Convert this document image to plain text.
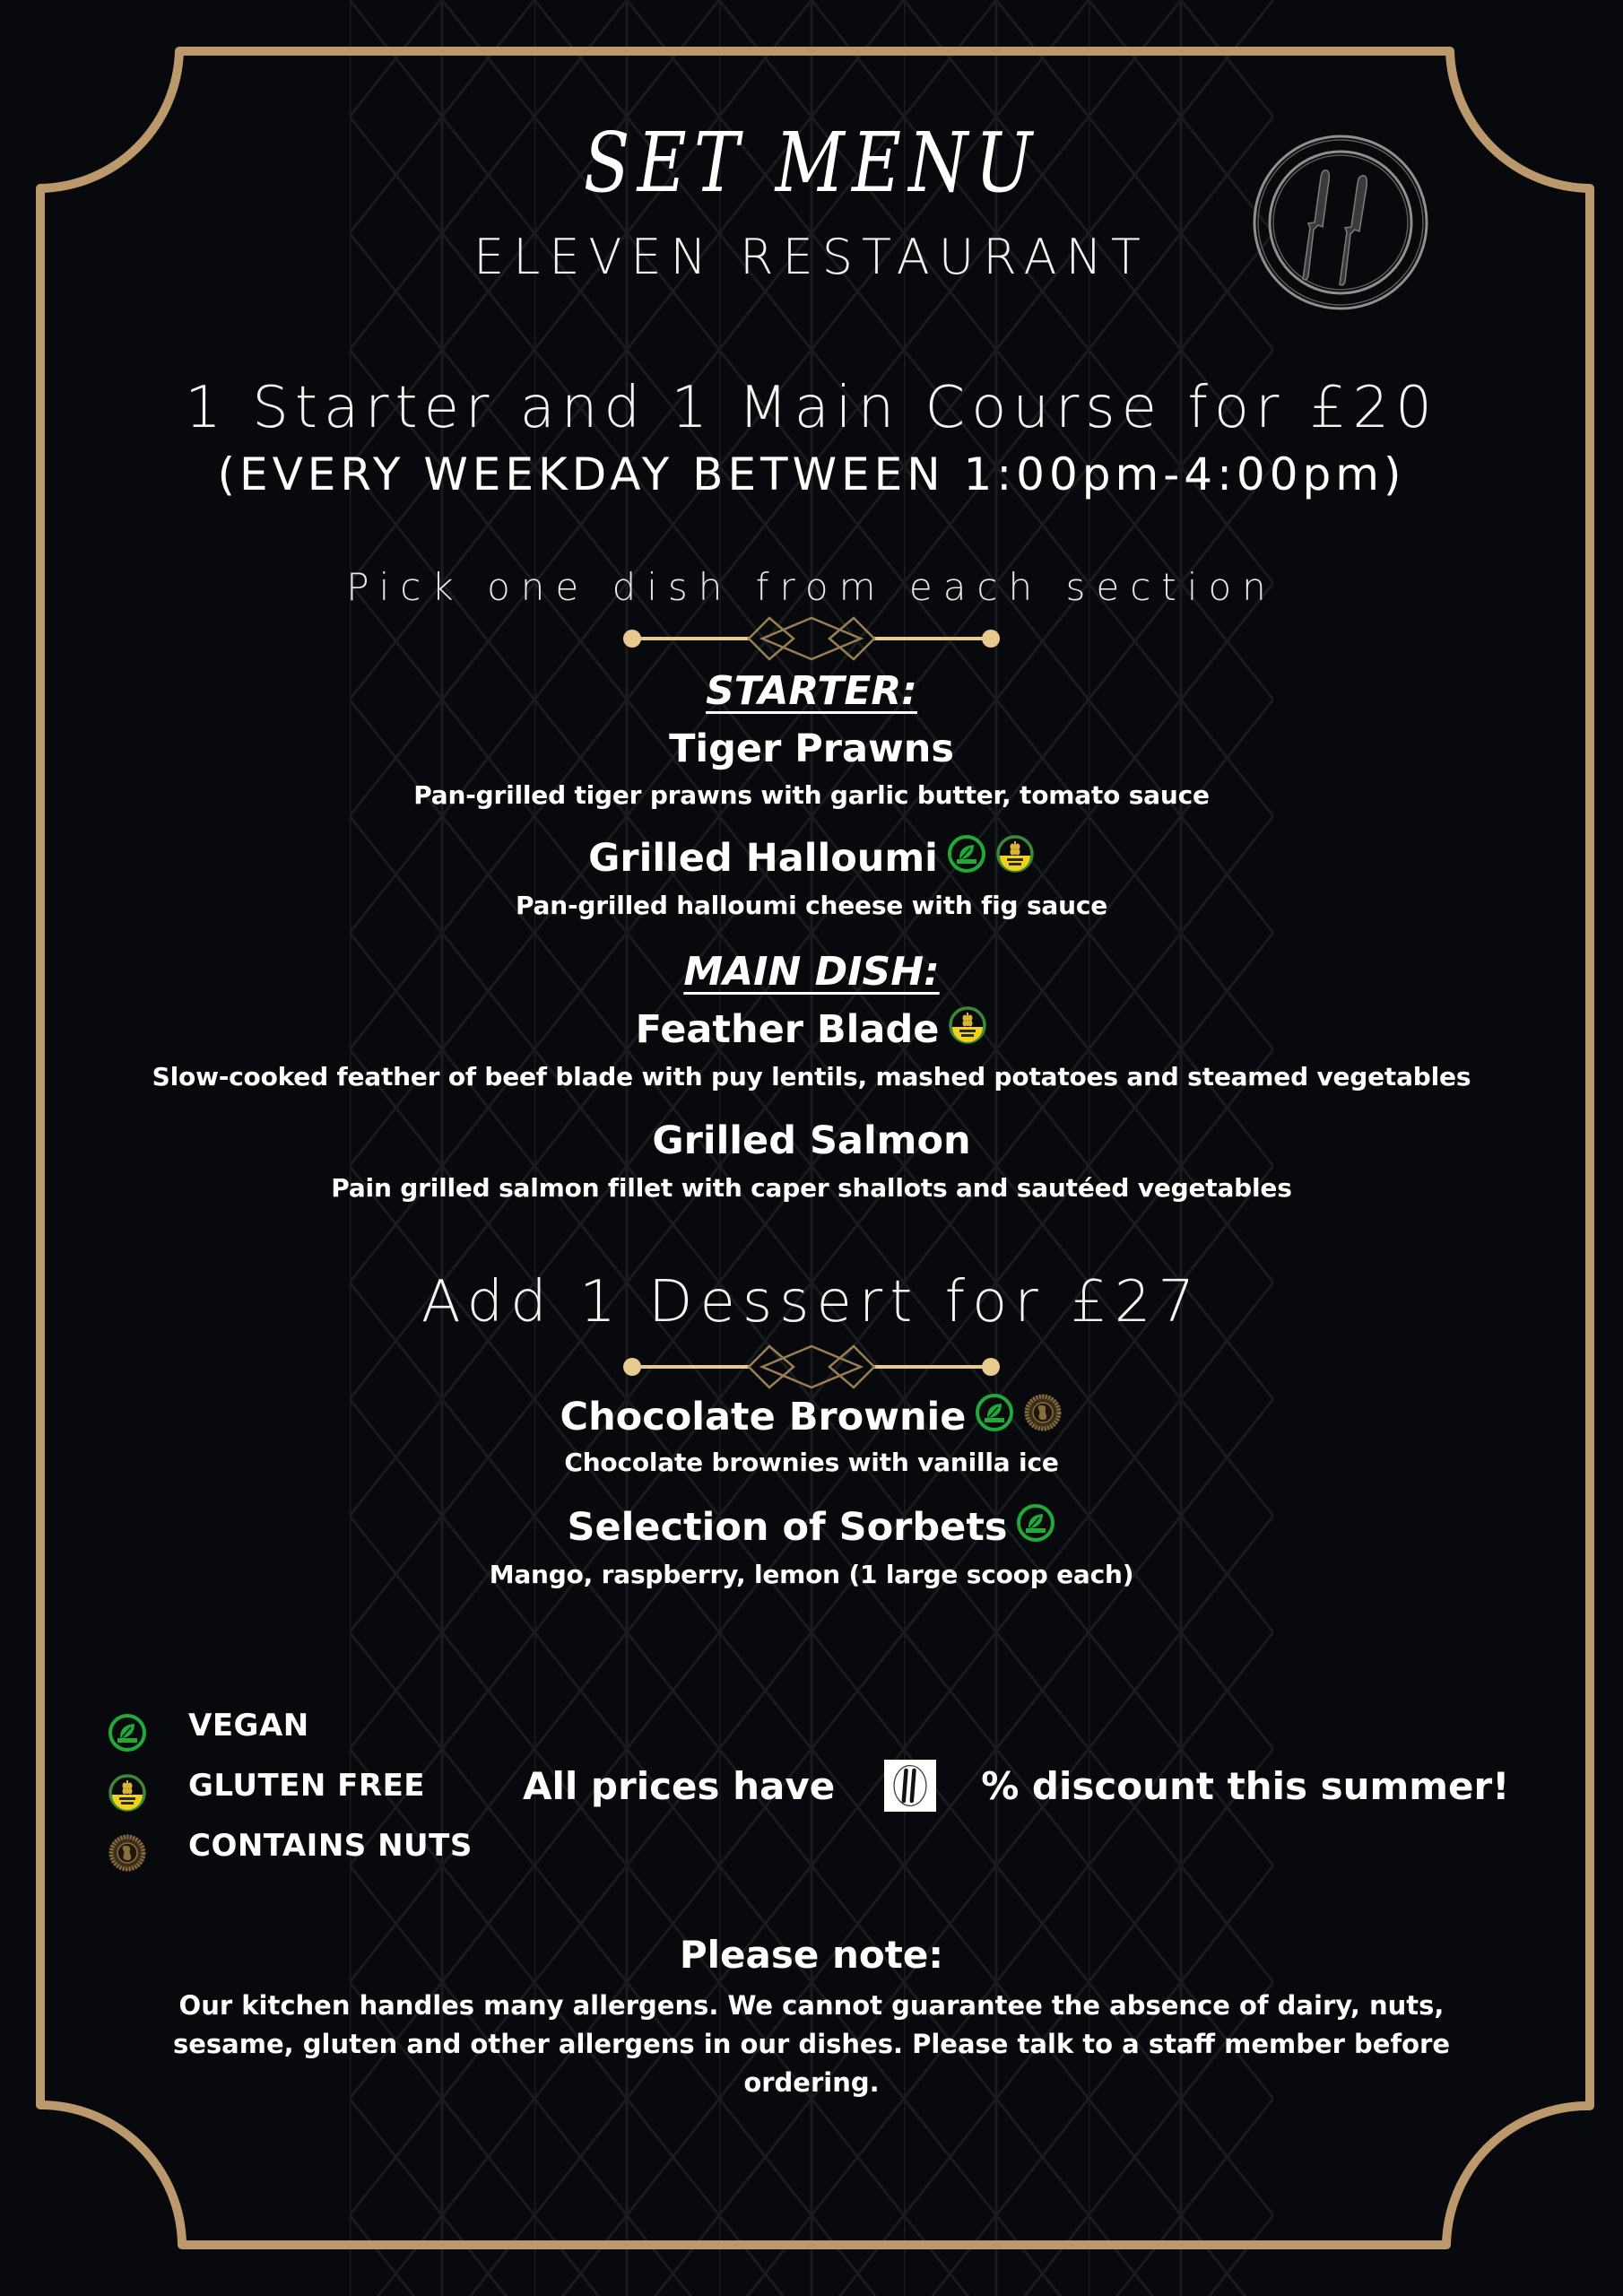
SET MENU
ELEVEN RESTAURANT
1 Starter and 1 Main Course for £20
(EVERY WEEKDAY BETWEEN 1:00pm-4:00pm)
Pick one dish from each section
STARTER:
Tiger Prawns
Pan-grilled tiger prawns with garlic butter, tomato sauce
Grilled Halloumi
Pan-grilled halloumi cheese with fig sauce
MAIN DISH:
Feather Blade
Slow-cooked feather of beef blade with puy lentils, mashed potatoes and steamed vegetables
Grilled Salmon
Pain grilled salmon fillet with caper shallots and sautéed vegetables
Add 1 Dessert for £27
Chocolate Brownie
Chocolate brownies with vanilla ice
Selection of Sorbets
Mango, raspberry, lemon (1 large scoop each)
VEGAN
GLUTEN FREE
CONTAINS NUTS
All prices have	% discount this summer!
Please note:
Our kitchen handles many allergens. We cannot guarantee the absence of dairy, nuts, sesame, gluten and other allergens in our dishes. Please talk to a staff member before ordering.
